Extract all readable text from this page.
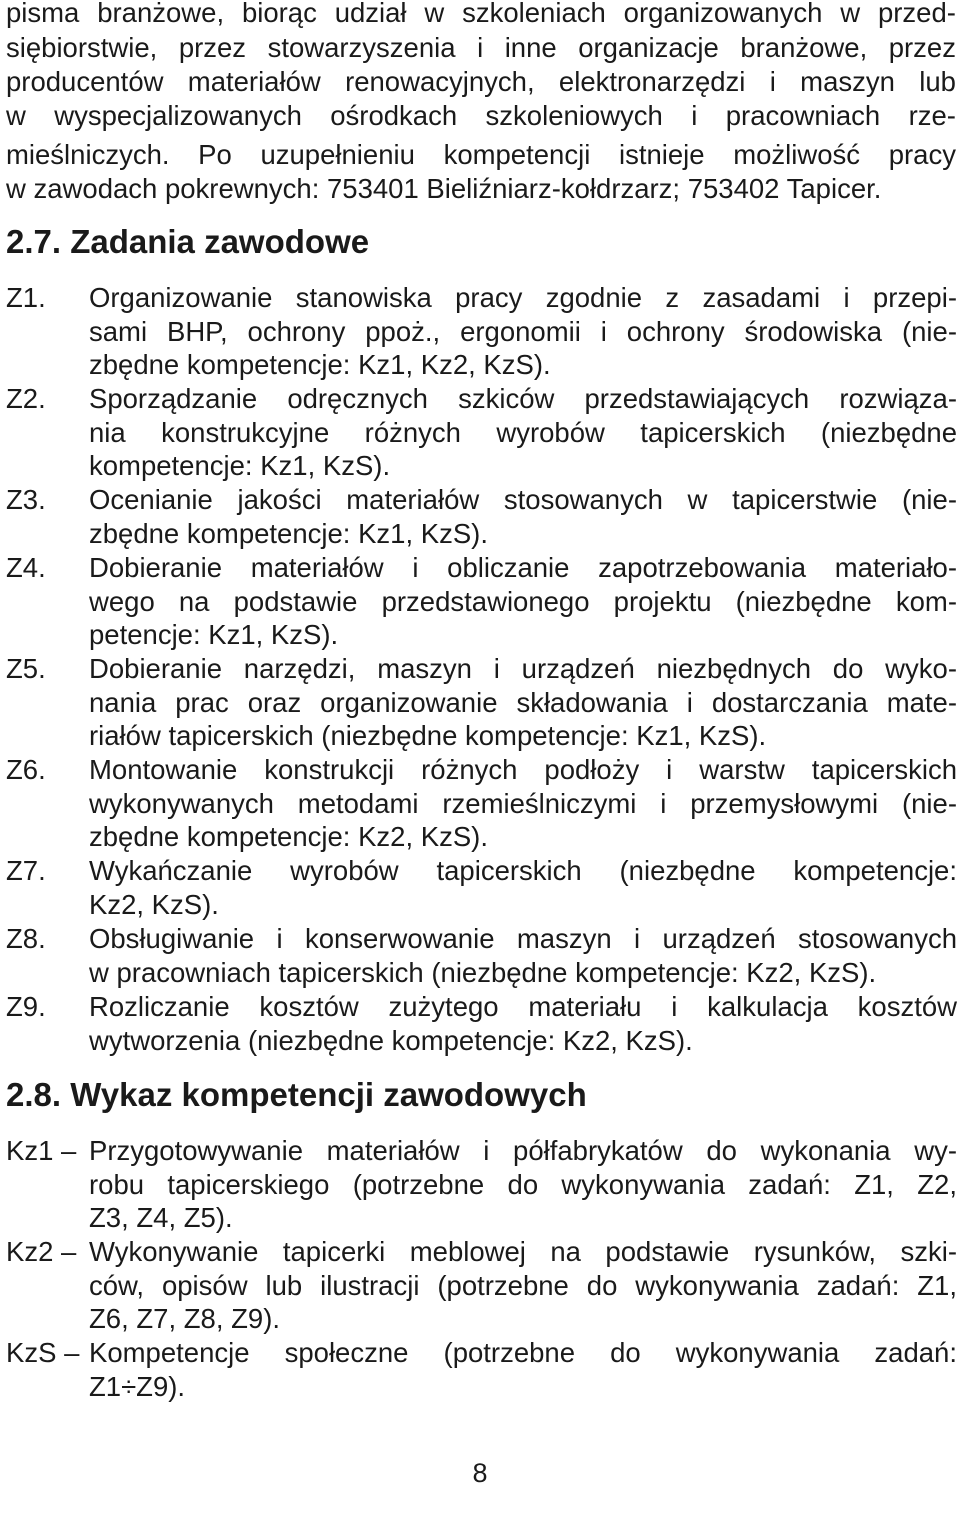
pisma branżowe, biorąc udział w szkoleniach organizowanych w przed-
siębiorstwie, przez stowarzyszenia i inne organizacje branżowe, przez
producentów materiałów renowacyjnych, elektronarzędzi i maszyn lub
w wyspecjalizowanych ośrodkach szkoleniowych i pracowniach rze-
mieślniczych. Po uzupełnieniu kompetencji istnieje możliwość pracy
w zawodach pokrewnych: 753401 Bieliźniarz-kołdrzarz; 753402 Tapicer.
2.7. Zadania zawodowe
Z1. Organizowanie stanowiska pracy zgodnie z zasadami i przepi-
sami BHP, ochrony ppoż., ergonomii i ochrony środowiska (nie-
zbędne kompetencje: Kz1, Kz2, KzS).
Z2. Sporządzanie odręcznych szkiców przedstawiających rozwiąza-
nia konstrukcyjne różnych wyrobów tapicerskich (niezbędne
kompetencje: Kz1, KzS).
Z3. Ocenianie jakości materiałów stosowanych w tapicerstwie (nie-
zbędne kompetencje: Kz1, KzS).
Z4. Dobieranie materiałów i obliczanie zapotrzebowania materiało-
wego na podstawie przedstawionego projektu (niezbędne kom-
petencje: Kz1, KzS).
Z5. Dobieranie narzędzi, maszyn i urządzeń niezbędnych do wyko-
nania prac oraz organizowanie składowania i dostarczania mate-
riałów tapicerskich (niezbędne kompetencje: Kz1, KzS).
Z6. Montowanie konstrukcji różnych podłoży i warstw tapicerskich
wykonywanych metodami rzemieślniczymi i przemysłowymi (nie-
zbędne kompetencje: Kz2, KzS).
Z7. Wykańczanie wyrobów tapicerskich (niezbędne kompetencje:
Kz2, KzS).
Z8. Obsługiwanie i konserwowanie maszyn i urządzeń stosowanych
w pracowniach tapicerskich (niezbędne kompetencje: Kz2, KzS).
Z9. Rozliczanie kosztów zużytego materiału i kalkulacja kosztów
wytworzenia (niezbędne kompetencje: Kz2, KzS).
2.8. Wykaz kompetencji zawodowych
Kz1 – Przygotowywanie materiałów i półfabrykatów do wykonania wy-
robu tapicerskiego (potrzebne do wykonywania zadań: Z1, Z2,
Z3, Z4, Z5).
Kz2 – Wykonywanie tapicerki meblowej na podstawie rysunków, szki-
ców, opisów lub ilustracji (potrzebne do wykonywania zadań: Z1,
Z6, Z7, Z8, Z9).
KzS – Kompetencje społeczne (potrzebne do wykonywania zadań:
Z1÷Z9).
8
